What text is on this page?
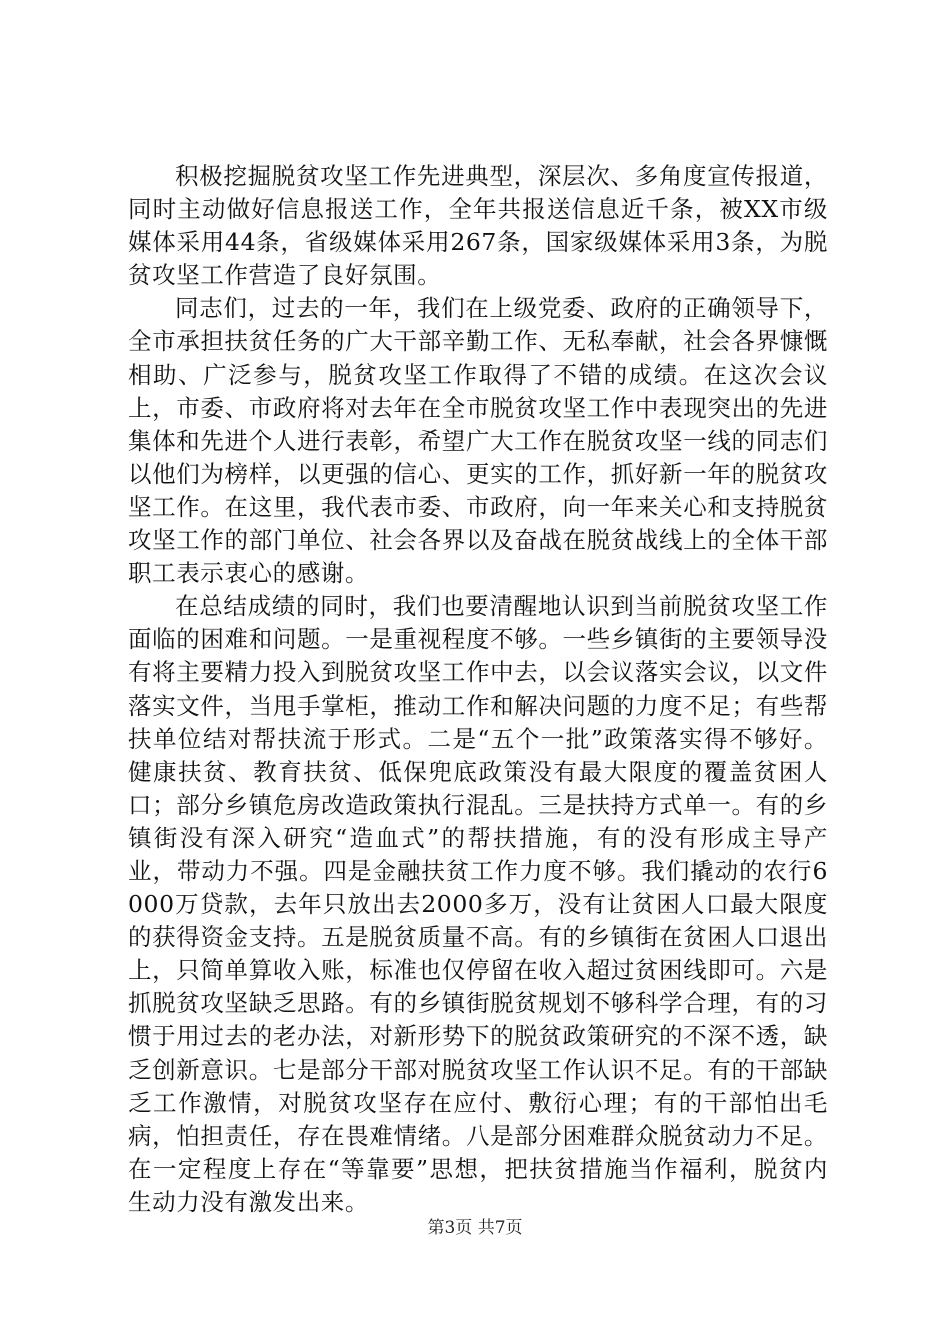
积极挖掘脱贫攻坚工作先进典型，深层次、多角度宣传报道，同时主动做好信息报送工作，全年共报送信息近千条，被XX市级媒体采用44条，省级媒体采用267条，国家级媒体采用3条，为脱贫攻坚工作营造了良好氛围。

同志们，过去的一年，我们在上级党委、政府的正确领导下，全市承担扶贫任务的广大干部辛勤工作、无私奉献，社会各界慷慨相助、广泛参与，脱贫攻坚工作取得了不错的成绩。在这次会议上，市委、市政府将对去年在全市脱贫攻坚工作中表现突出的先进集体和先进个人进行表彰，希望广大工作在脱贫攻坚一线的同志们以他们为榜样，以更强的信心、更实的工作，抓好新一年的脱贫攻坚工作。在这里，我代表市委、市政府，向一年来关心和支持脱贫攻坚工作的部门单位、社会各界以及奋战在脱贫战线上的全体干部职工表示衷心的感谢。

在总结成绩的同时，我们也要清醒地认识到当前脱贫攻坚工作面临的困难和问题。一是重视程度不够。一些乡镇街的主要领导没有将主要精力投入到脱贫攻坚工作中去，以会议落实会议，以文件落实文件，当甩手掌柜，推动工作和解决问题的力度不足；有些帮扶单位结对帮扶流于形式。二是“五个一批”政策落实得不够好。健康扶贫、教育扶贫、低保兜底政策没有最大限度的覆盖贫困人口；部分乡镇危房改造政策执行混乱。三是扶持方式单一。有的乡镇街没有深入研究“造血式”的帮扶措施，有的没有形成主导产业，带动力不强。四是金融扶贫工作力度不够。我们撬动的农行6000万贷款，去年只放出去2000多万，没有让贫困人口最大限度的获得资金支持。五是脱贫质量不高。有的乡镇街在贫困人口退出上，只简单算收入账，标准也仅停留在收入超过贫困线即可。六是抓脱贫攻坚缺乏思路。有的乡镇街脱贫规划不够科学合理，有的习惯于用过去的老办法，对新形势下的脱贫政策研究的不深不透，缺乏创新意识。七是部分干部对脱贫攻坚工作认识不足。有的干部缺乏工作激情，对脱贫攻坚存在应付、敷衍心理；有的干部怕出毛病，怕担责任，存在畏难情绪。八是部分困难群众脱贫动力不足。在一定程度上存在“等靠要”思想，把扶贫措施当作福利，脱贫内生动力没有激发出来。

第3页 共7页
